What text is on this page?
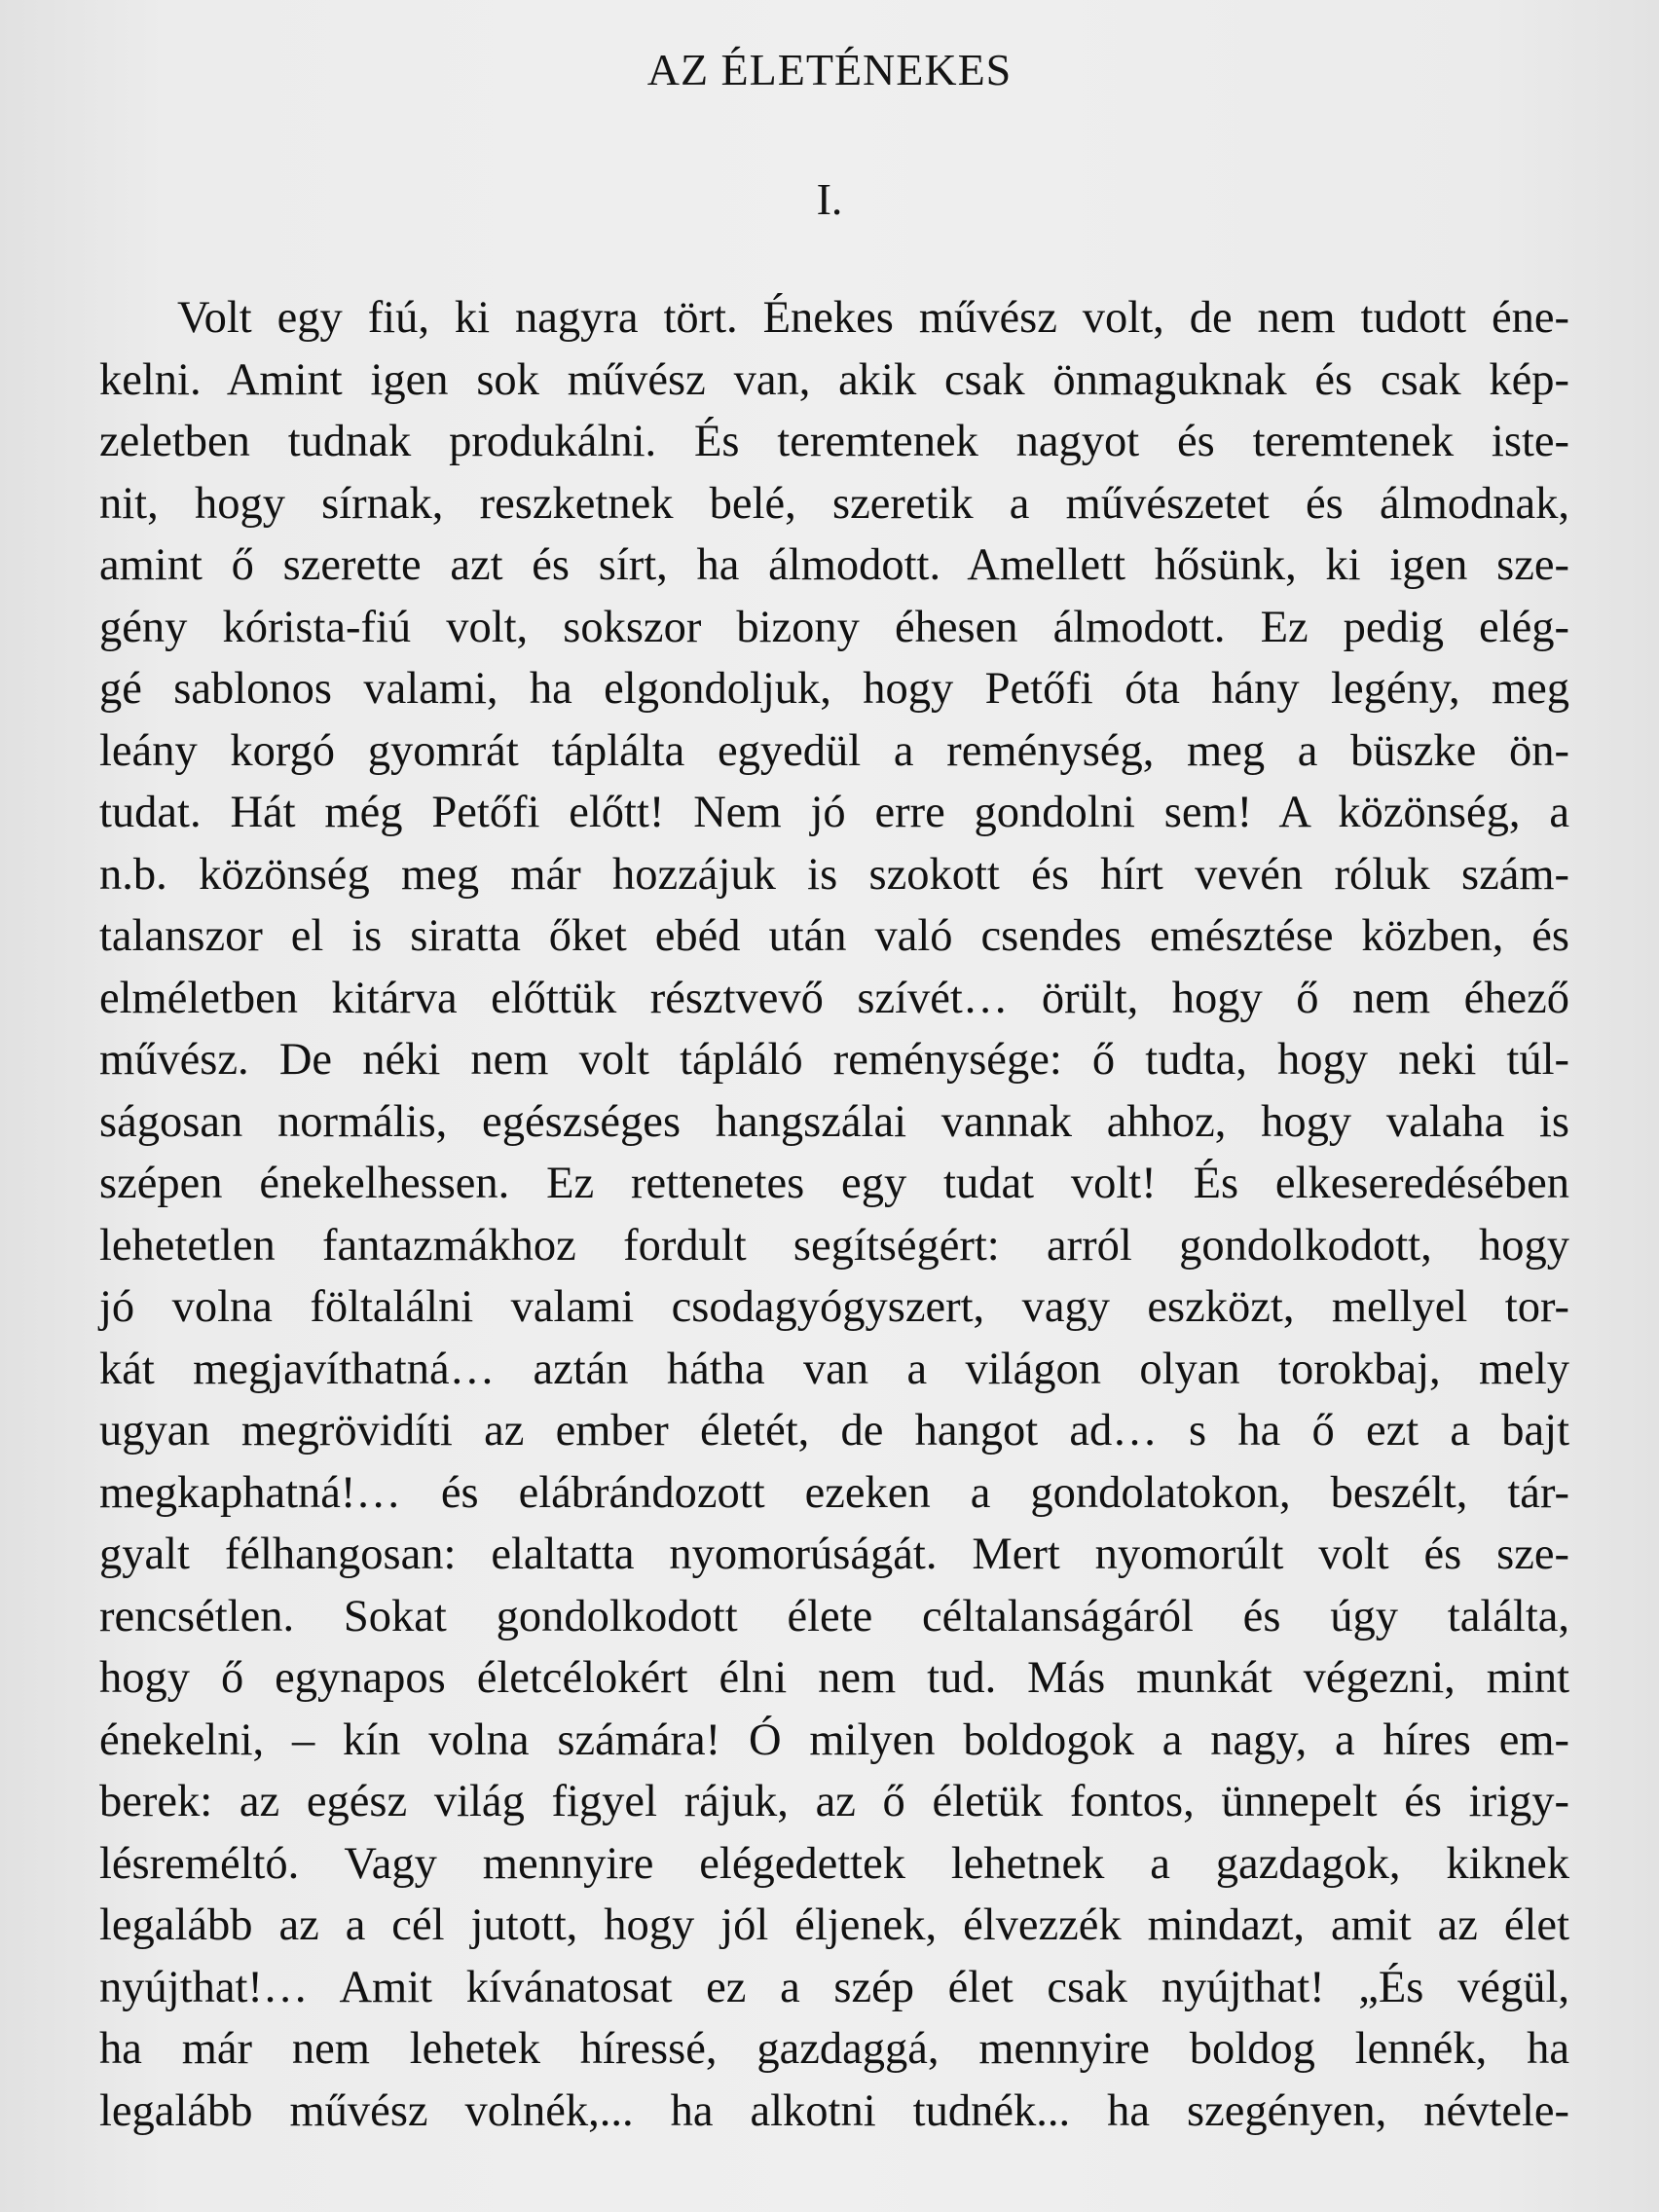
AZ ÉLETÉNEKES
I.
Volt egy fiú, ki nagyra tört. Énekes művész volt, de nem tudott éne-
kelni. Amint igen sok művész van, akik csak önmaguknak és csak kép-
zeletben tudnak produkálni. És teremtenek nagyot és teremtenek iste-
nit, hogy sírnak, reszketnek belé, szeretik a művészetet és álmodnak,
amint ő szerette azt és sírt, ha álmodott. Amellett hősünk, ki igen sze-
gény kórista-fiú volt, sokszor bizony éhesen álmodott. Ez pedig elég-
gé sablonos valami, ha elgondoljuk, hogy Petőfi óta hány legény, meg
leány korgó gyomrát táplálta egyedül a reménység, meg a büszke ön-
tudat. Hát még Petőfi előtt! Nem jó erre gondolni sem! A közönség, a
n.b. közönség meg már hozzájuk is szokott és hírt vevén róluk szám-
talanszor el is siratta őket ebéd után való csendes emésztése közben, és
elméletben kitárva előttük résztvevő szívét… örült, hogy ő nem éhező
művész. De néki nem volt tápláló reménysége: ő tudta, hogy neki túl-
ságosan normális, egészséges hangszálai vannak ahhoz, hogy valaha is
szépen énekelhessen. Ez rettenetes egy tudat volt! És elkeseredésében
lehetetlen fantazmákhoz fordult segítségért: arról gondolkodott, hogy
jó volna föltalálni valami csodagyógyszert, vagy eszközt, mellyel tor-
kát megjavíthatná… aztán hátha van a világon olyan torokbaj, mely
ugyan megrövidíti az ember életét, de hangot ad… s ha ő ezt a bajt
megkaphatná!… és elábrándozott ezeken a gondolatokon, beszélt, tár-
gyalt félhangosan: elaltatta nyomorúságát. Mert nyomorúlt volt és sze-
rencsétlen. Sokat gondolkodott élete céltalanságáról és úgy találta,
hogy ő egynapos életcélokért élni nem tud. Más munkát végezni, mint
énekelni, – kín volna számára! Ó milyen boldogok a nagy, a híres em-
berek: az egész világ figyel rájuk, az ő életük fontos, ünnepelt és irigy-
lésreméltó. Vagy mennyire elégedettek lehetnek a gazdagok, kiknek
legalább az a cél jutott, hogy jól éljenek, élvezzék mindazt, amit az élet
nyújthat!… Amit kívánatosat ez a szép élet csak nyújthat! „És végül,
ha már nem lehetek híressé, gazdaggá, mennyire boldog lennék, ha
legalább művész volnék,... ha alkotni tudnék... ha szegényen, névtele-
